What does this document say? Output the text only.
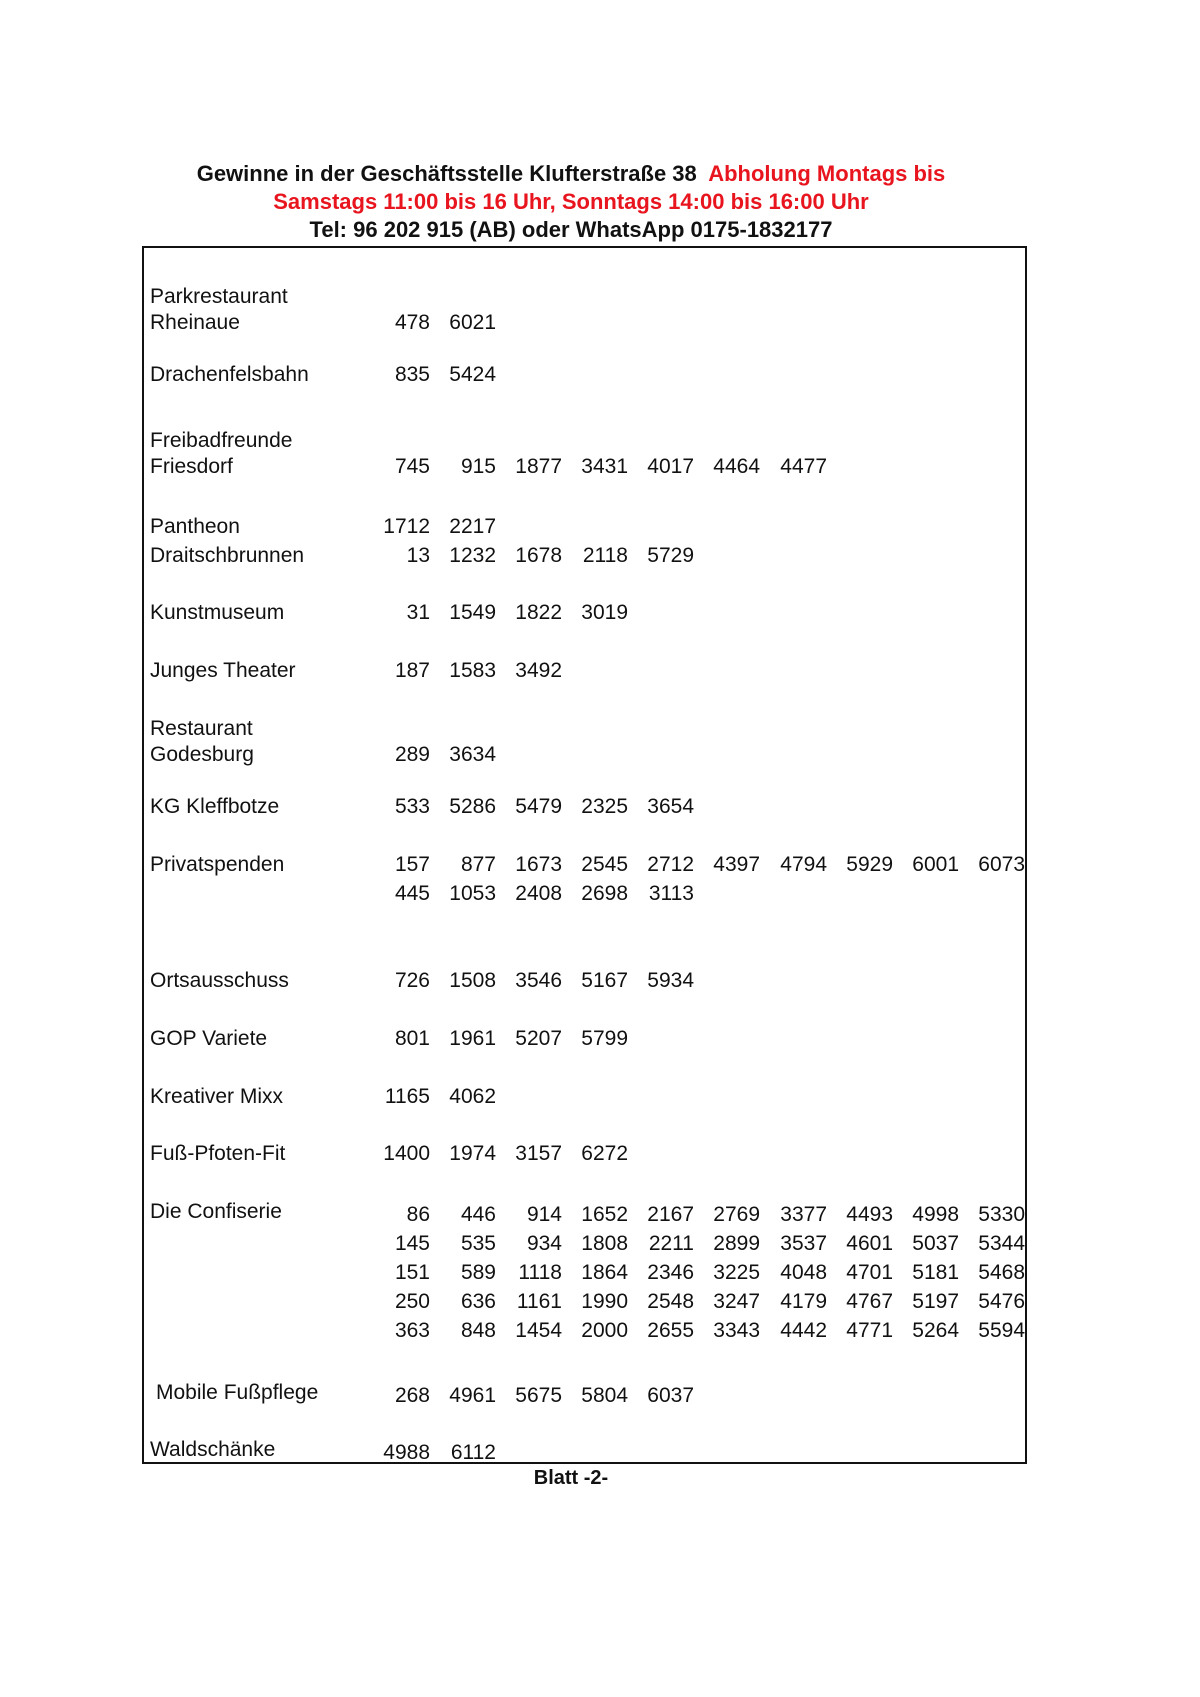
Gewinne in der Geschäftsstelle Klufterstraße 38 Abholung Montags bis
Samstags 11:00 bis 16 Uhr, Sonntags 14:00 bis 16:00 Uhr
Tel: 96 202 915 (AB) oder WhatsApp 0175-1832177
Parkrestaurant
Rheinaue	478 6021
Drachenfelsbahn	835 5424
Freibadfreunde
Friesdorf	745	915 1877 3431 4017 4464 4477
Pantheon	1712 2217
Draitschbrunnen	13 1232 1678 2118 5729
Kunstmuseum	31 1549 1822 3019
Junges Theater	187 1583 3492
Restaurant
Godesburg	289 3634
KG Kleffbotze	533 5286 5479 2325 3654
Privatspenden	157	877 1673 2545 2712 4397 4794 5929 6001 6073
445 1053 2408 2698 3113
Ortsausschuss	726 1508 3546 5167 5934
GOP Variete	801 1961 5207 5799
Kreativer Mixx	1165 4062
Fuß-Pfoten-Fit	1400 1974 3157 6272
Die Confiserie	86	446	914 1652 2167 2769 3377 4493 4998 5330
145	535	934 1808 2211 2899 3537 4601 5037 5344
151	589	1118 1864 2346 3225 4048 4701 5181 5468
250	636 1161 1990 2548 3247 4179 4767 5197 5476
363	848 1454 2000 2655 3343 4442 4771 5264 5594
Mobile Fußpflege	268 4961 5675 5804 6037
Waldschänke	4988 6112
Blatt -2-
